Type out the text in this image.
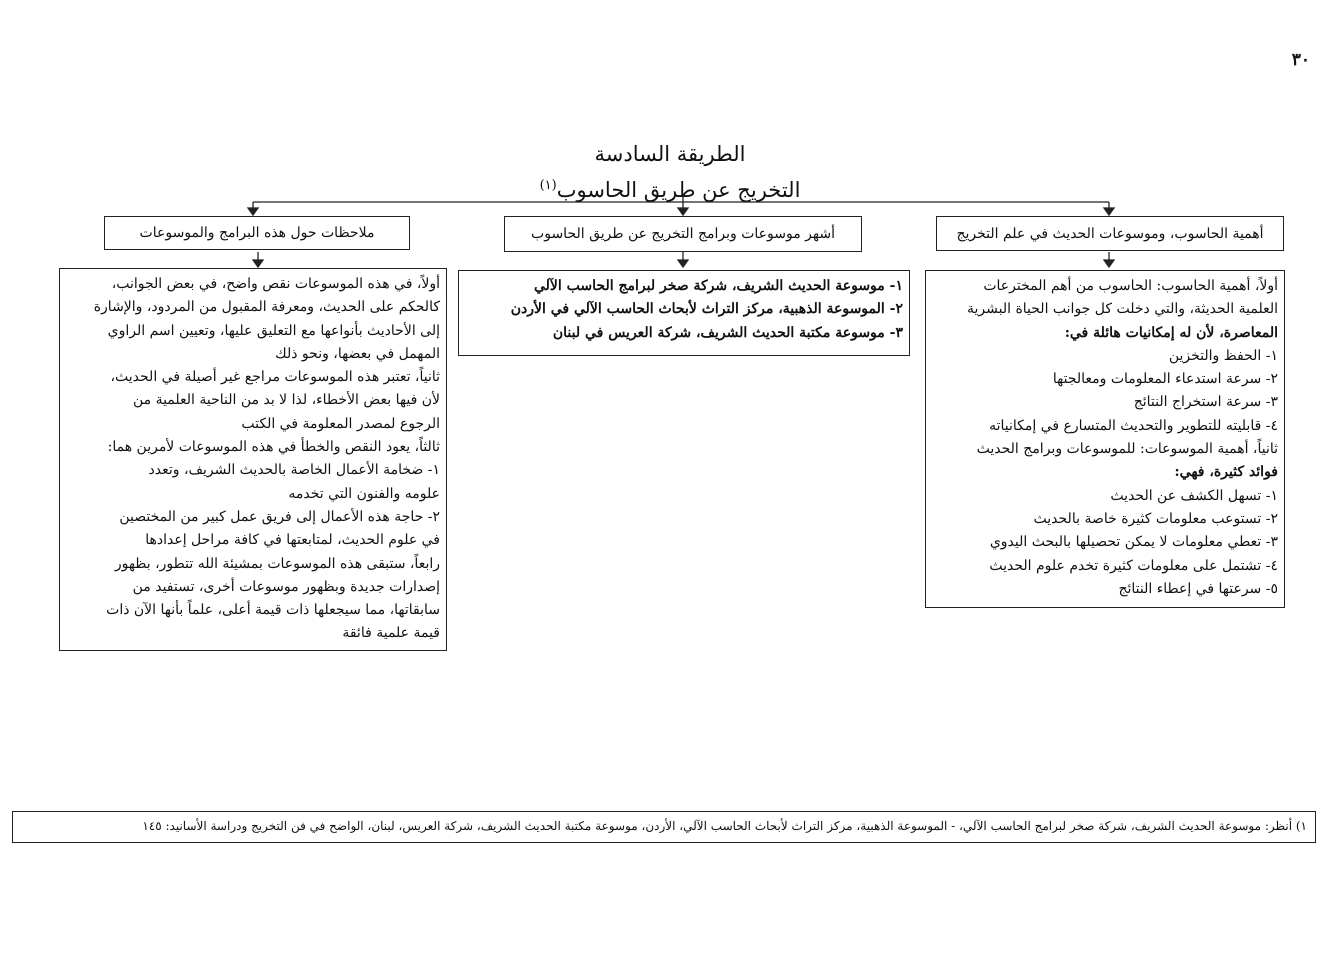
٣٠
الطريقة السادسة
التخريج عن طريق الحاسوب$^{(١)}$
ملاحظات حول هذه البرامج والموسوعات	أشهر موسوعات وبرامج التخريج عن طريق الحاسوب	أهمية الحاسوب، وموسوعات الحديث في علم التخريج

أولاً، أهمية الحاسوب: الحاسوب من أهم المخترعات

العلمية الحديثة، والتي دخلت كل جوانب الحياة البشرية

المعاصرة، لأن له إمكانيات هائلة في:

١- الحفظ والتخزين

٢- سرعة استدعاء المعلومات ومعالجتها

٣- سرعة استخراج النتائج

٤- قابليته للتطوير والتحديث المتسارع في إمكانياته

ثانياً، أهمية الموسوعات: للموسوعات وبرامج الحديث

فوائد كثيرة، فهي:

١- تسهل الكشف عن الحديث

٢- تستوعب معلومات كثيرة خاصة بالحديث

٣- تعطي معلومات لا يمكن تحصيلها بالبحث اليدوي

٤- تشتمل على معلومات كثيرة تخدم علوم الحديث

٥- سرعتها في إعطاء النتائج

١- موسوعة الحديث الشريف، شركة صخر لبرامج الحاسب الآلي

٢- الموسوعة الذهبية، مركز التراث لأبحاث الحاسب الآلي في الأردن

٣- موسوعة مكتبة الحديث الشريف، شركة العريس في لبنان

أولاً، في هذه الموسوعات نقص واضح، في بعض الجوانب،

كالحكم على الحديث، ومعرفة المقبول من المردود، والإشارة

إلى الأحاديث بأنواعها مع التعليق عليها، وتعيين اسم الراوي

المهمل في بعضها، ونحو ذلك

ثانياً، تعتبر هذه الموسوعات مراجع غير أصيلة في الحديث،

لأن فيها بعض الأخطاء، لذا لا بد من الناحية العلمية من

الرجوع لمصدر المعلومة في الكتب

ثالثاً، يعود النقص والخطأ في هذه الموسوعات لأمرين هما:

١- ضخامة الأعمال الخاصة بالحديث الشريف، وتعدد

علومه والفنون التي تخدمه

٢- حاجة هذه الأعمال إلى فريق عمل كبير من المختصين

في علوم الحديث، لمتابعتها في كافة مراحل إعدادها

رابعاً، ستبقى هذه الموسوعات بمشيئة الله تتطور، بظهور

إصدارات جديدة وبظهور موسوعات أخرى، تستفيد من

سابقاتها، مما سيجعلها ذات قيمة أعلى، علماً بأنها الآن ذات

قيمة علمية فائقة

١) أنظر: موسوعة الحديث الشريف، شركة صخر لبرامج الحاسب الآلي، - الموسوعة الذهبية، مركز التراث لأبحاث الحاسب الآلي، الأردن، موسوعة مكتبة الحديث الشريف، شركة العريس، لبنان، الواضح في فن التخريج ودراسة الأسانيد: ١٤٥
